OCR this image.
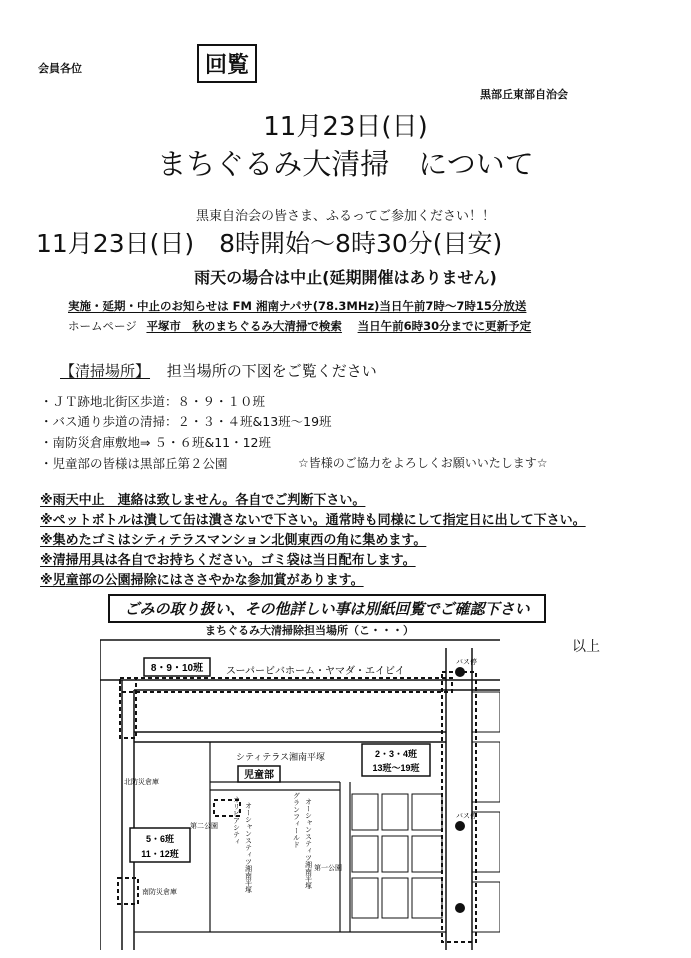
会員各位	回覧
黒部丘東部自治会
11月23日(日)
まちぐるみ大清掃　について
黒東自治会の皆さま、ふるってご参加ください！！
11月23日(日)　8時開始～8時30分(目安)
雨天の場合は中止(延期開催はありません)
実施・延期・中止のお知らせは FM 湘南ナパサ(78.3MHz)当日午前7時～7時15分放送
ホームページ 平塚市　秋のまちぐるみ大清掃で検索 当日午前6時30分までに更新予定
【清掃場所】 担当場所の下図をご覧ください
・ＪＴ跡地北街区歩道：８・９・１０班
・バス通り歩道の清掃：２・３・４班&13班～19班
・南防災倉庫敷地⇒ ５・６班&11・12班
・児童部の皆様は黒部丘第２公園	☆皆様のご協力をよろしくお願いいたします☆
※雨天中止　連絡は致しません。各自でご判断下さい。
※ペットボトルは潰して缶は潰さないで下さい。通常時も同様にして指定日に出して下さい。
※集めたゴミはシティテラスマンション北側東西の角に集めます。
※清掃用具は各自でお持ちください。ゴミ袋は当日配布します。
※児童部の公園掃除にはささやかな参加賞があります。
ごみの取り扱い、その他詳しい事は別紙回覧でご確認下さい
まちぐるみ大清掃除担当場所（こ・・・）
以上
8・9・10班 スーパービバホーム・ヤマダ・エイビイ
バス停
バス停
北防災倉庫
シティテラス湘南平塚
児童部
2・3・4班
13班～19班
第二公園 オリピアシティ オーシャンスティツ湘南平塚	グランフィールド オーシャンスティツ湘南平塚 第一公園
5・6班
11・12班
南防災倉庫
